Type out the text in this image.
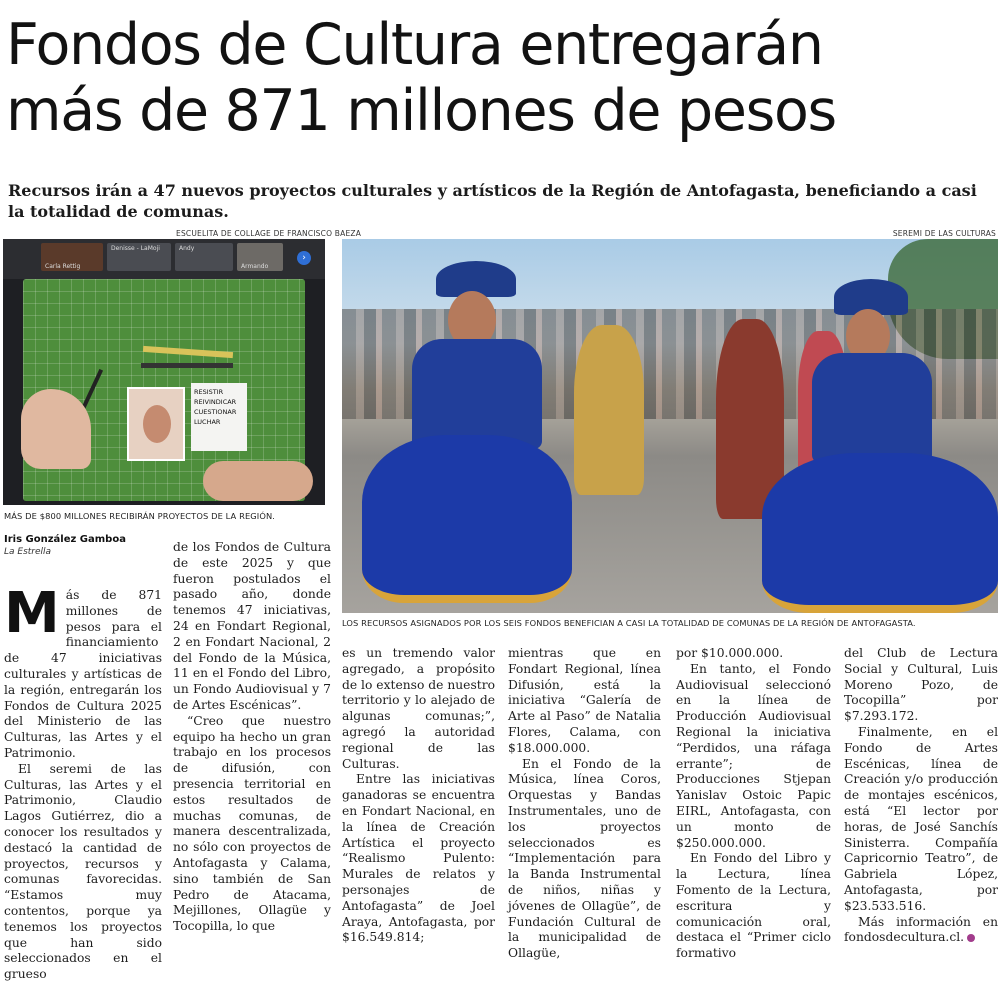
Fondos de Cultura entregarán
más de 871 millones de pesos

Recursos irán a 47 nuevos proyectos culturales y artísticos de la Región de Antofagasta, beneficiando a casi la totalidad de comunas.

ESCUELITA DE COLLAGE DE FRANCISCO BAEZA	SEREMI DE LAS CULTURAS
Carla Rettig
Denisse - LaMoji	Andy
Armando
›
RESISTIR REIVINDICAR CUESTIONAR LUCHAR
MÁS DE $800 MILLONES RECIBIRÁN PROYECTOS DE LA REGIÓN.
LOS RECURSOS ASIGNADOS POR LOS SEIS FONDOS BENEFICIAN A CASI LA TOTALIDAD DE COMUNAS DE LA REGIÓN DE ANTOFAGASTA.
Iris González Gamboa
La Estrella

Más de 871 millones de pesos para el financiamiento de 47 iniciativas culturales y artísticas de la región, entregarán los Fondos de Cultura 2025 del Ministerio de las Culturas, las Artes y el Patrimonio.

El seremi de las Culturas, las Artes y el Patrimonio, Claudio Lagos Gutiérrez, dio a conocer los resultados y destacó la cantidad de proyectos, recursos y comunas favorecidas. “Estamos muy contentos, porque ya tenemos los proyectos que han sido seleccionados en el grueso

de los Fondos de Cultura de este 2025 y que fueron postulados el pasado año, donde tenemos 47 iniciativas, 24 en Fondart Regional, 2 en Fondart Nacional, 2 del Fondo de la Música, 11 en el Fondo del Libro, un Fondo Audiovisual y 7 de Artes Escénicas”.

“Creo que nuestro equipo ha hecho un gran trabajo en los procesos de difusión, con presencia territorial en estos resultados de muchas comunas, de manera descentralizada, no sólo con proyectos de Antofagasta y Calama, sino también de San Pedro de Atacama, Mejillones, Ollagüe y Tocopilla, lo que

es un tremendo valor agregado, a propósito de lo extenso de nuestro territorio y lo alejado de algunas comunas;”, agregó la autoridad regional de las Culturas.

Entre las iniciativas ganadoras se encuentra en Fondart Nacional, en la línea de Creación Artística el proyecto “Realismo Pulento: Murales de relatos y personajes de Antofagasta” de Joel Araya, Antofagasta, por $16.549.814;

mientras que en Fondart Regional, línea Difusión, está la iniciativa “Galería de Arte al Paso” de Natalia Flores, Calama, con $18.000.000.

En el Fondo de la Música, línea Coros, Orquestas y Bandas Instrumentales, uno de los proyectos seleccionados es “Implementación para la Banda Instrumental de niños, niñas y jóvenes de Ollagüe”, de Fundación Cultural de la municipalidad de Ollagüe,

por $10.000.000.

En tanto, el Fondo Audiovisual seleccionó en la línea de Producción Audiovisual Regional la iniciativa “Perdidos, una ráfaga errante”; de Producciones Stjepan Yanislav Ostoic Papic EIRL, Antofagasta, con un monto de $250.000.000.

En Fondo del Libro y la Lectura, línea Fomento de la Lectura, escritura y comunicación oral, destaca el “Primer ciclo formativo

del Club de Lectura Social y Cultural, Luis Moreno Pozo, de Tocopilla” por $7.293.172.

Finalmente, en el Fondo de Artes Escénicas, línea de Creación y/o producción de montajes escénicos, está “El lector por horas, de José Sanchís Sinisterra. Compañía Capricornio Teatro”, de Gabriela López, Antofagasta, por $23.533.516.

Más información en fondosdecultura.cl.
